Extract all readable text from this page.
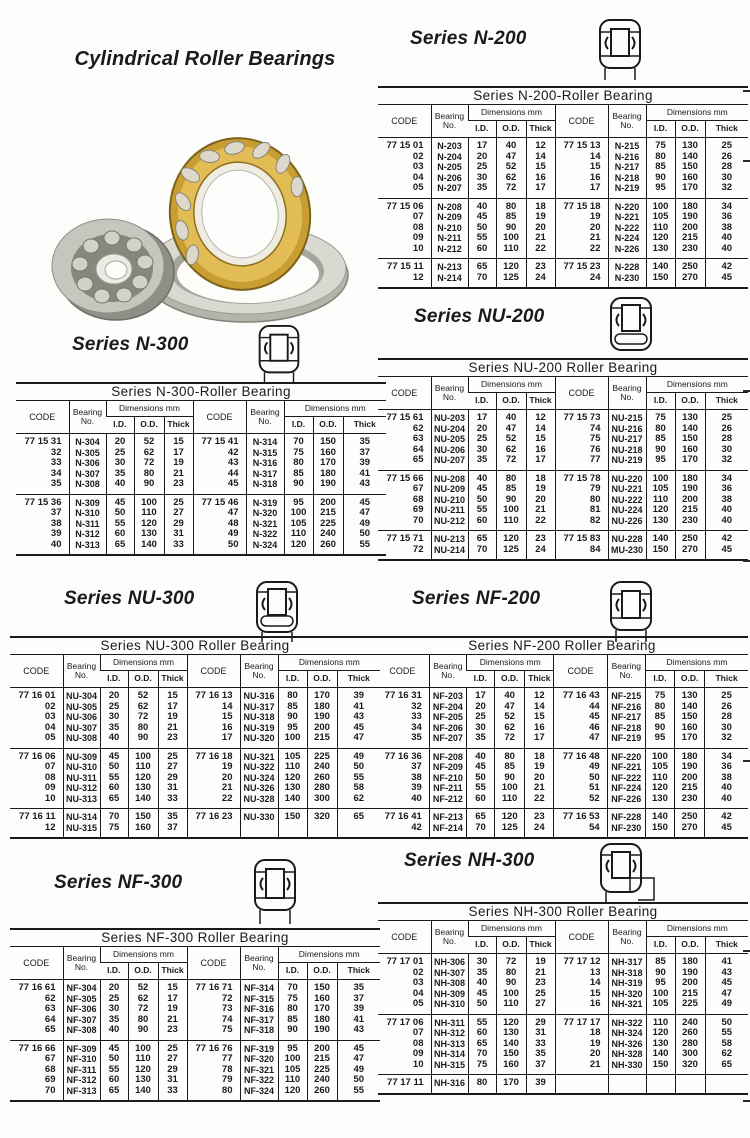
Cylindrical Roller Bearings
Series N-200
Series N-200-Roller Bearing									
CODE	Bearing No.	Dimensions mm			CODE	Bearing No.	Dimensions mm		
		I.D.	O.D.	Thick			I.D.	O.D.	Thick
77 15 01	N-203	17	40	12	77 15 13	N-215	75	130	25
02	N-204	20	47	14	14	N-216	80	140	26
03	N-205	25	52	15	15	N-217	85	150	28
04	N-206	30	62	16	16	N-218	90	160	30
05	N-207	35	72	17	17	N-219	95	170	32
77 15 06	N-208	40	80	18	77 15 18	N-220	100	180	34
07	N-209	45	85	19	19	N-221	105	190	36
08	N-210	50	90	20	20	N-222	110	200	38
09	N-211	55	100	21	21	N-224	120	215	40
10	N-212	60	110	22	22	N-226	130	230	40
77 15 11	N-213	65	120	23	77 15 23	N-228	140	250	42
12	N-214	70	125	24	24	N-230	150	270	45
Series N-300
Series N-300-Roller Bearing									
CODE	Bearing No.	Dimensions mm			CODE	Bearing No.	Dimensions mm		
		I.D.	O.D.	Thick			I.D.	O.D.	Thick
77 15 31	N-304	20	52	15	77 15 41	N-314	70	150	35
32	N-305	25	62	17	42	N-315	75	160	37
33	N-306	30	72	19	43	N-316	80	170	39
34	N-307	35	80	21	44	N-317	85	180	41
35	N-308	40	90	23	45	N-318	90	190	43
77 15 36	N-309	45	100	25	77 15 46	N-319	95	200	45
37	N-310	50	110	27	47	N-320	100	215	47
38	N-311	55	120	29	48	N-321	105	225	49
39	N-312	60	130	31	49	N-322	110	240	50
40	N-313	65	140	33	50	N-324	120	260	55
Series NU-200
Series NU-200 Roller Bearing									
CODE	Bearing No.	Dimensions mm			CODE	Bearing No.	Dimensions mm		
		I.D.	O.D.	Thick			I.D.	O.D.	Thick
77 15 61	NU-203	17	40	12	77 15 73	NU-215	75	130	25
62	NU-204	20	47	14	74	NU-216	80	140	26
63	NU-205	25	52	15	75	NU-217	85	150	28
64	NU-206	30	62	16	76	NU-218	90	160	30
65	NU-207	35	72	17	77	NU-219	95	170	32
77 15 66	NU-208	40	80	18	77 15 78	NU-220	100	180	34
67	NU-209	45	85	19	79	NU-221	105	190	36
68	NU-210	50	90	20	80	NU-222	110	200	38
69	NU-211	55	100	21	81	NU-224	120	215	40
70	NU-212	60	110	22	82	NU-226	130	230	40
77 15 71	NU-213	65	120	23	77 15 83	NU-228	140	250	42
72	NU-214	70	125	24	84	MU-230	150	270	45
Series NU-300
Series NU-300 Roller Bearing									
CODE	Bearing No.	Dimensions mm			CODE	Bearing No.	Dimensions mm		
		I.D.	O.D.	Thick			I.D.	O.D.	Thick
77 16 01	NU-304	20	52	15	77 16 13	NU-316	80	170	39
02	NU-305	25	62	17	14	NU-317	85	180	41
03	NU-306	30	72	19	15	NU-318	90	190	43
04	NU-307	35	80	21	16	NU-319	95	200	45
05	NU-308	40	90	23	17	NU-320	100	215	47
77 16 06	NU-309	45	100	25	77 16 18	NU-321	105	225	49
07	NU-310	50	110	27	19	NU-322	110	240	50
08	NU-311	55	120	29	20	NU-324	120	260	55
09	NU-312	60	130	31	21	NU-326	130	280	58
10	NU-313	65	140	33	22	NU-328	140	300	62
77 16 11	NU-314	70	150	35	77 16 23	NU-330	150	320	65
12	NU-315	75	160	37					
Series NF-200
Series NF-200 Roller Bearing									
CODE	Bearing No.	Dimensions mm			CODE	Bearing No.	Dimensions mm		
		I.D.	O.D.	Thick			I.D.	O.D.	Thick
77 16 31	NF-203	17	40	12	77 16 43	NF-215	75	130	25
32	NF-204	20	47	14	44	NF-216	80	140	26
33	NF-205	25	52	15	45	NF-217	85	150	28
34	NF-206	30	62	16	46	NF-218	90	160	30
35	NF-207	35	72	17	47	NF-219	95	170	32
77 16 36	NF-208	40	80	18	77 16 48	NF-220	100	180	34
37	NF-209	45	85	19	49	NF-221	105	190	36
38	NF-210	50	90	20	50	NF-222	110	200	38
39	NF-211	55	100	21	51	NF-224	120	215	40
40	NF-212	60	110	22	52	NF-226	130	230	40
77 16 41	NF-213	65	120	23	77 16 53	NF-228	140	250	42
42	NF-214	70	125	24	54	NF-230	150	270	45
Series NF-300
Series NF-300 Roller Bearing									
CODE	Bearing No.	Dimensions mm			CODE	Bearing No.	Dimensions mm		
		I.D.	O.D.	Thick			I.D.	O.D.	Thick
77 16 61	NF-304	20	52	15	77 16 71	NF-314	70	150	35
62	NF-305	25	62	17	72	NF-315	75	160	37
63	NF-306	30	72	19	73	NF-316	80	170	39
64	NF-307	35	80	21	74	NF-317	85	180	41
65	NF-308	40	90	23	75	NF-318	90	190	43
77 16 66	NF-309	45	100	25	77 16 76	NF-319	95	200	45
67	NF-310	50	110	27	77	NF-320	100	215	47
68	NF-311	55	120	29	78	NF-321	105	225	49
69	NF-312	60	130	31	79	NF-322	110	240	50
70	NF-313	65	140	33	80	NF-324	120	260	55
Series NH-300
Series NH-300 Roller Bearing									
CODE	Bearing No.	Dimensions mm			CODE	Bearing No.	Dimensions mm		
		I.D.	O.D.	Thick			I.D.	O.D.	Thick
77 17 01	NH-306	30	72	19	77 17 12	NH-317	85	180	41
02	NH-307	35	80	21	13	NH-318	90	190	43
03	NH-308	40	90	23	14	NH-319	95	200	45
04	NH-309	45	100	25	15	NH-320	100	215	47
05	NH-310	50	110	27	16	NH-321	105	225	49
77 17 06	NH-311	55	120	29	77 17 17	NH-322	110	240	50
07	NH-312	60	130	31	18	NH-324	120	260	55
08	NH-313	65	140	33	19	NH-326	130	280	58
09	NH-314	70	150	35	20	NH-328	140	300	62
10	NH-315	75	160	37	21	NH-330	150	320	65
77 17 11	NH-316	80	170	39					
